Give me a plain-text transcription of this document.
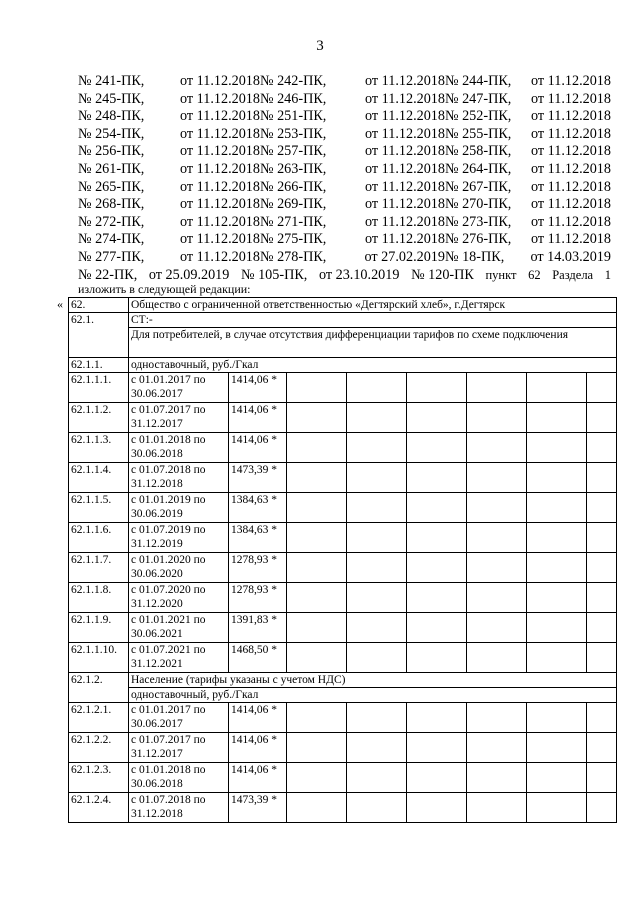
3
№ 241-ПК,	от 11.12.2018 № 242-ПК,	от 11.12.2018 № 244-ПК, от 11.12.2018
№ 245-ПК,	от 11.12.2018 № 246-ПК,	от 11.12.2018 № 247-ПК, от 11.12.2018
№ 248-ПК,	от 11.12.2018 № 251-ПК,	от 11.12.2018 № 252-ПК, от 11.12.2018
№ 254-ПК,	от 11.12.2018 № 253-ПК,	от 11.12.2018 № 255-ПК, от 11.12.2018
№ 256-ПК,	от 11.12.2018 № 257-ПК,	от 11.12.2018 № 258-ПК, от 11.12.2018
№ 261-ПК,	от 11.12.2018 № 263-ПК,	от 11.12.2018 № 264-ПК, от 11.12.2018
№ 265-ПК,	от 11.12.2018 № 266-ПК,	от 11.12.2018 № 267-ПК, от 11.12.2018
№ 268-ПК,	от 11.12.2018 № 269-ПК,	от 11.12.2018 № 270-ПК, от 11.12.2018
№ 272-ПК,	от 11.12.2018 № 271-ПК,	от 11.12.2018 № 273-ПК, от 11.12.2018
№ 274-ПК,	от 11.12.2018 № 275-ПК,	от 11.12.2018 № 276-ПК, от 11.12.2018
№ 277-ПК,	от 11.12.2018 № 278-ПК,	от 27.02.2019 № 18-ПК, от 14.03.2019
№ 22-ПК, от 25.09.2019 № 105-ПК, от 23.10.2019 № 120-ПК пункт 62 Раздела 1
изложить в следующей редакции:
« 62.	Общество с ограниченной ответственностью «Дегтярский хлеб», г.Дегтярск							
62.1.	СТ:-							
	Для потребителей, в случае отсутствия дифференциации тарифов по схеме подключения							
62.1.1.	одноставочный, руб./Гкал							
62.1.1.1.	с 01.01.2017 по 30.06.2017	1414,06 *						
62.1.1.2.	с 01.07.2017 по 31.12.2017	1414,06 *						
62.1.1.3.	с 01.01.2018 по 30.06.2018	1414,06 *						
62.1.1.4.	с 01.07.2018 по 31.12.2018	1473,39 *						
62.1.1.5.	с 01.01.2019 по 30.06.2019	1384,63 *						
62.1.1.6.	с 01.07.2019 по 31.12.2019	1384,63 *						
62.1.1.7.	с 01.01.2020 по 30.06.2020	1278,93 *						
62.1.1.8.	с 01.07.2020 по 31.12.2020	1278,93 *						
62.1.1.9.	с 01.01.2021 по 30.06.2021	1391,83 *						
62.1.1.10.	с 01.07.2021 по 31.12.2021	1468,50 *						
62.1.2.	Население (тарифы указаны с учетом НДС)							
	одноставочный, руб./Гкал							
62.1.2.1.	с 01.01.2017 по 30.06.2017	1414,06 *						
62.1.2.2.	с 01.07.2017 по 31.12.2017	1414,06 *						
62.1.2.3.	с 01.01.2018 по 30.06.2018	1414,06 *						
62.1.2.4.	с 01.07.2018 по 31.12.2018	1473,39 *						
